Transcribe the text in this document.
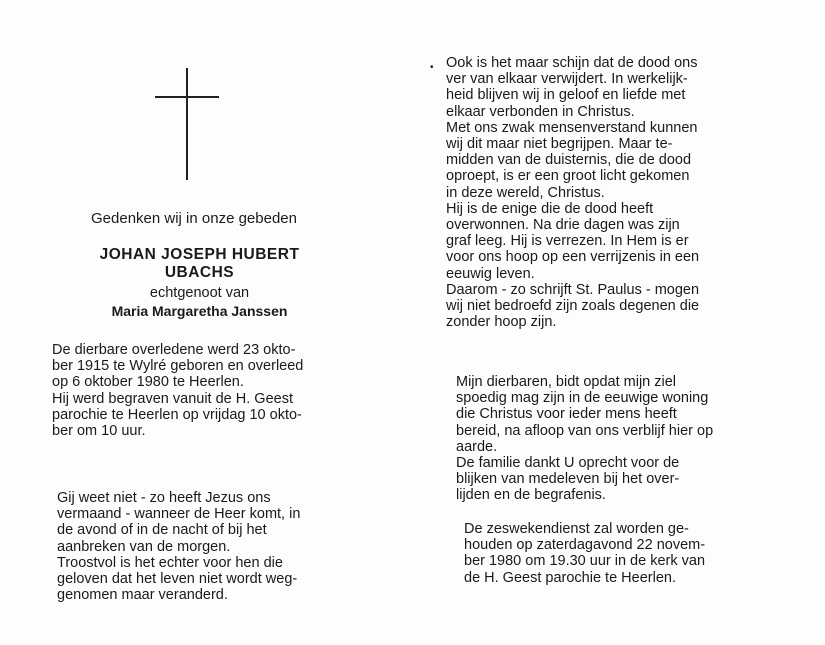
Gedenken wij in onze gebeden
JOHAN JOSEPH HUBERT
UBACHS
echtgenoot van
Maria Margaretha Janssen

De dierbare overledene werd 23 okto-
ber 1915 te Wylré geboren en overleed
op 6 oktober 1980 te Heerlen.
Hij werd begraven vanuit de H. Geest
parochie te Heerlen op vrijdag 10 okto-
ber om 10 uur.

Gij weet niet - zo heeft Jezus ons
vermaand - wanneer de Heer komt, in
de avond of in de nacht of bij het
aanbreken van de morgen.
Troostvol is het echter voor hen die
geloven dat het leven niet wordt weg-
genomen maar veranderd.

• Ook is het maar schijn dat de dood ons
ver van elkaar verwijdert. In werkelijk-
heid blijven wij in geloof en liefde met
elkaar verbonden in Christus.
Met ons zwak mensenverstand kunnen
wij dit maar niet begrijpen. Maar te-
midden van de duisternis, die de dood
oproept, is er een groot licht gekomen
in deze wereld, Christus.
Hij is de enige die de dood heeft
overwonnen. Na drie dagen was zijn
graf leeg. Hij is verrezen. In Hem is er
voor ons hoop op een verrijzenis in een
eeuwig leven.
Daarom - zo schrijft St. Paulus - mogen
wij niet bedroefd zijn zoals degenen die
zonder hoop zijn.

Mijn dierbaren, bidt opdat mijn ziel
spoedig mag zijn in de eeuwige woning
die Christus voor ieder mens heeft
bereid, na afloop van ons verblijf hier op
aarde.
De familie dankt U oprecht voor de
blijken van medeleven bij het over-
lijden en de begrafenis.

De zeswekendienst zal worden ge-
houden op zaterdagavond 22 novem-
ber 1980 om 19.30 uur in de kerk van
de H. Geest parochie te Heerlen.
